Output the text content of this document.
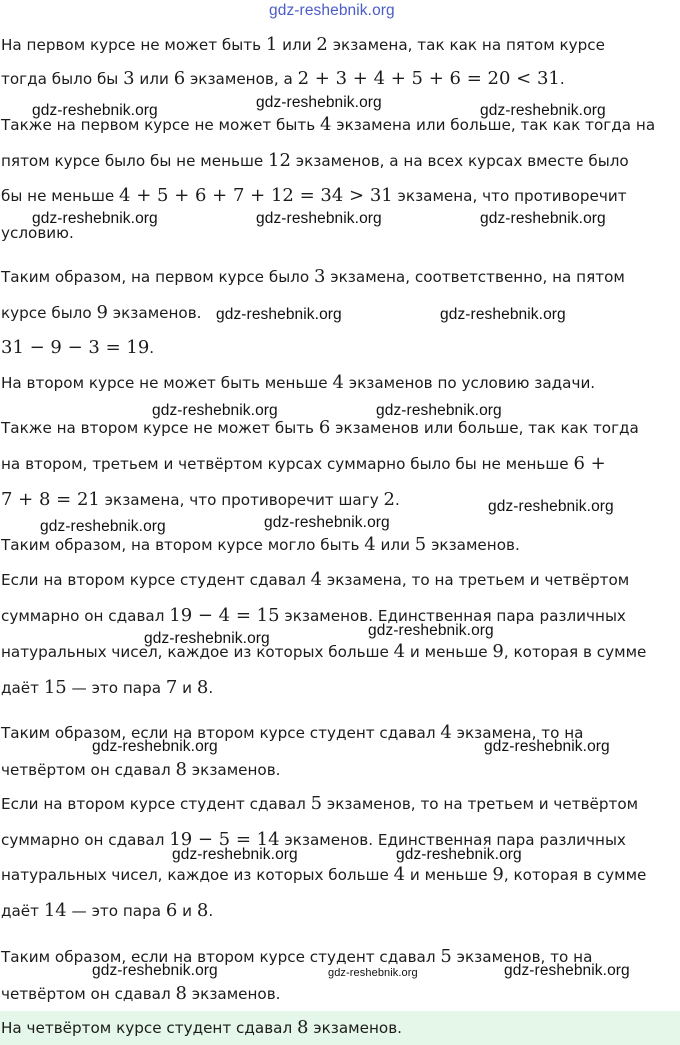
На первом курсе не может быть 1 или 2 экзамена, так как на пятом курсе
тогда было бы 3 или 6 экзаменов, а 2 + 3 + 4 + 5 + 6 = 20 < 31.
Также на первом курсе не может быть 4 экзамена или больше, так как тогда на
пятом курсе было бы не меньше 12 экзаменов, а на всех курсах вместе было
бы не меньше 4 + 5 + 6 + 7 + 12 = 34 > 31 экзамена, что противоречит
условию.
Таким образом, на первом курсе было 3 экзамена, соответственно, на пятом
курсе было 9 экзаменов.
31 − 9 − 3 = 19.
На втором курсе не может быть меньше 4 экзаменов по условию задачи.
Также на втором курсе не может быть 6 экзаменов или больше, так как тогда
на втором, третьем и четвёртом курсах суммарно было бы не меньше 6 +
7 + 8 = 21 экзамена, что противоречит шагу 2.
Таким образом, на втором курсе могло быть 4 или 5 экзаменов.
Если на втором курсе студент сдавал 4 экзамена, то на третьем и четвёртом
суммарно он сдавал 19 − 4 = 15 экзаменов. Единственная пара различных
натуральных чисел, каждое из которых больше 4 и меньше 9, которая в сумме
даёт 15 — это пара 7 и 8.
Таким образом, если на втором курсе студент сдавал 4 экзамена, то на
четвёртом он сдавал 8 экзаменов.
Если на втором курсе студент сдавал 5 экзаменов, то на третьем и четвёртом
суммарно он сдавал 19 − 5 = 14 экзаменов. Единственная пара различных
натуральных чисел, каждое из которых больше 4 и меньше 9, которая в сумме
даёт 14 — это пара 6 и 8.
Таким образом, если на втором курсе студент сдавал 5 экзаменов, то на
четвёртом он сдавал 8 экзаменов.
На четвёртом курсе студент сдавал 8 экзаменов.
gdz-reshebnik.org
gdz-reshebnik.org	gdz-reshebnik.org	gdz-reshebnik.org
gdz-reshebnik.org	gdz-reshebnik.org	gdz-reshebnik.org
gdz-reshebnik.org	gdz-reshebnik.org
gdz-reshebnik.org	gdz-reshebnik.org
gdz-reshebnik.org
gdz-reshebnik.org	gdz-reshebnik.org
gdz-reshebnik.org	gdz-reshebnik.org
gdz-reshebnik.org	gdz-reshebnik.org
gdz-reshebnik.org	gdz-reshebnik.org
gdz-reshebnik.org	gdz-reshebnik.org	gdz-reshebnik.org
